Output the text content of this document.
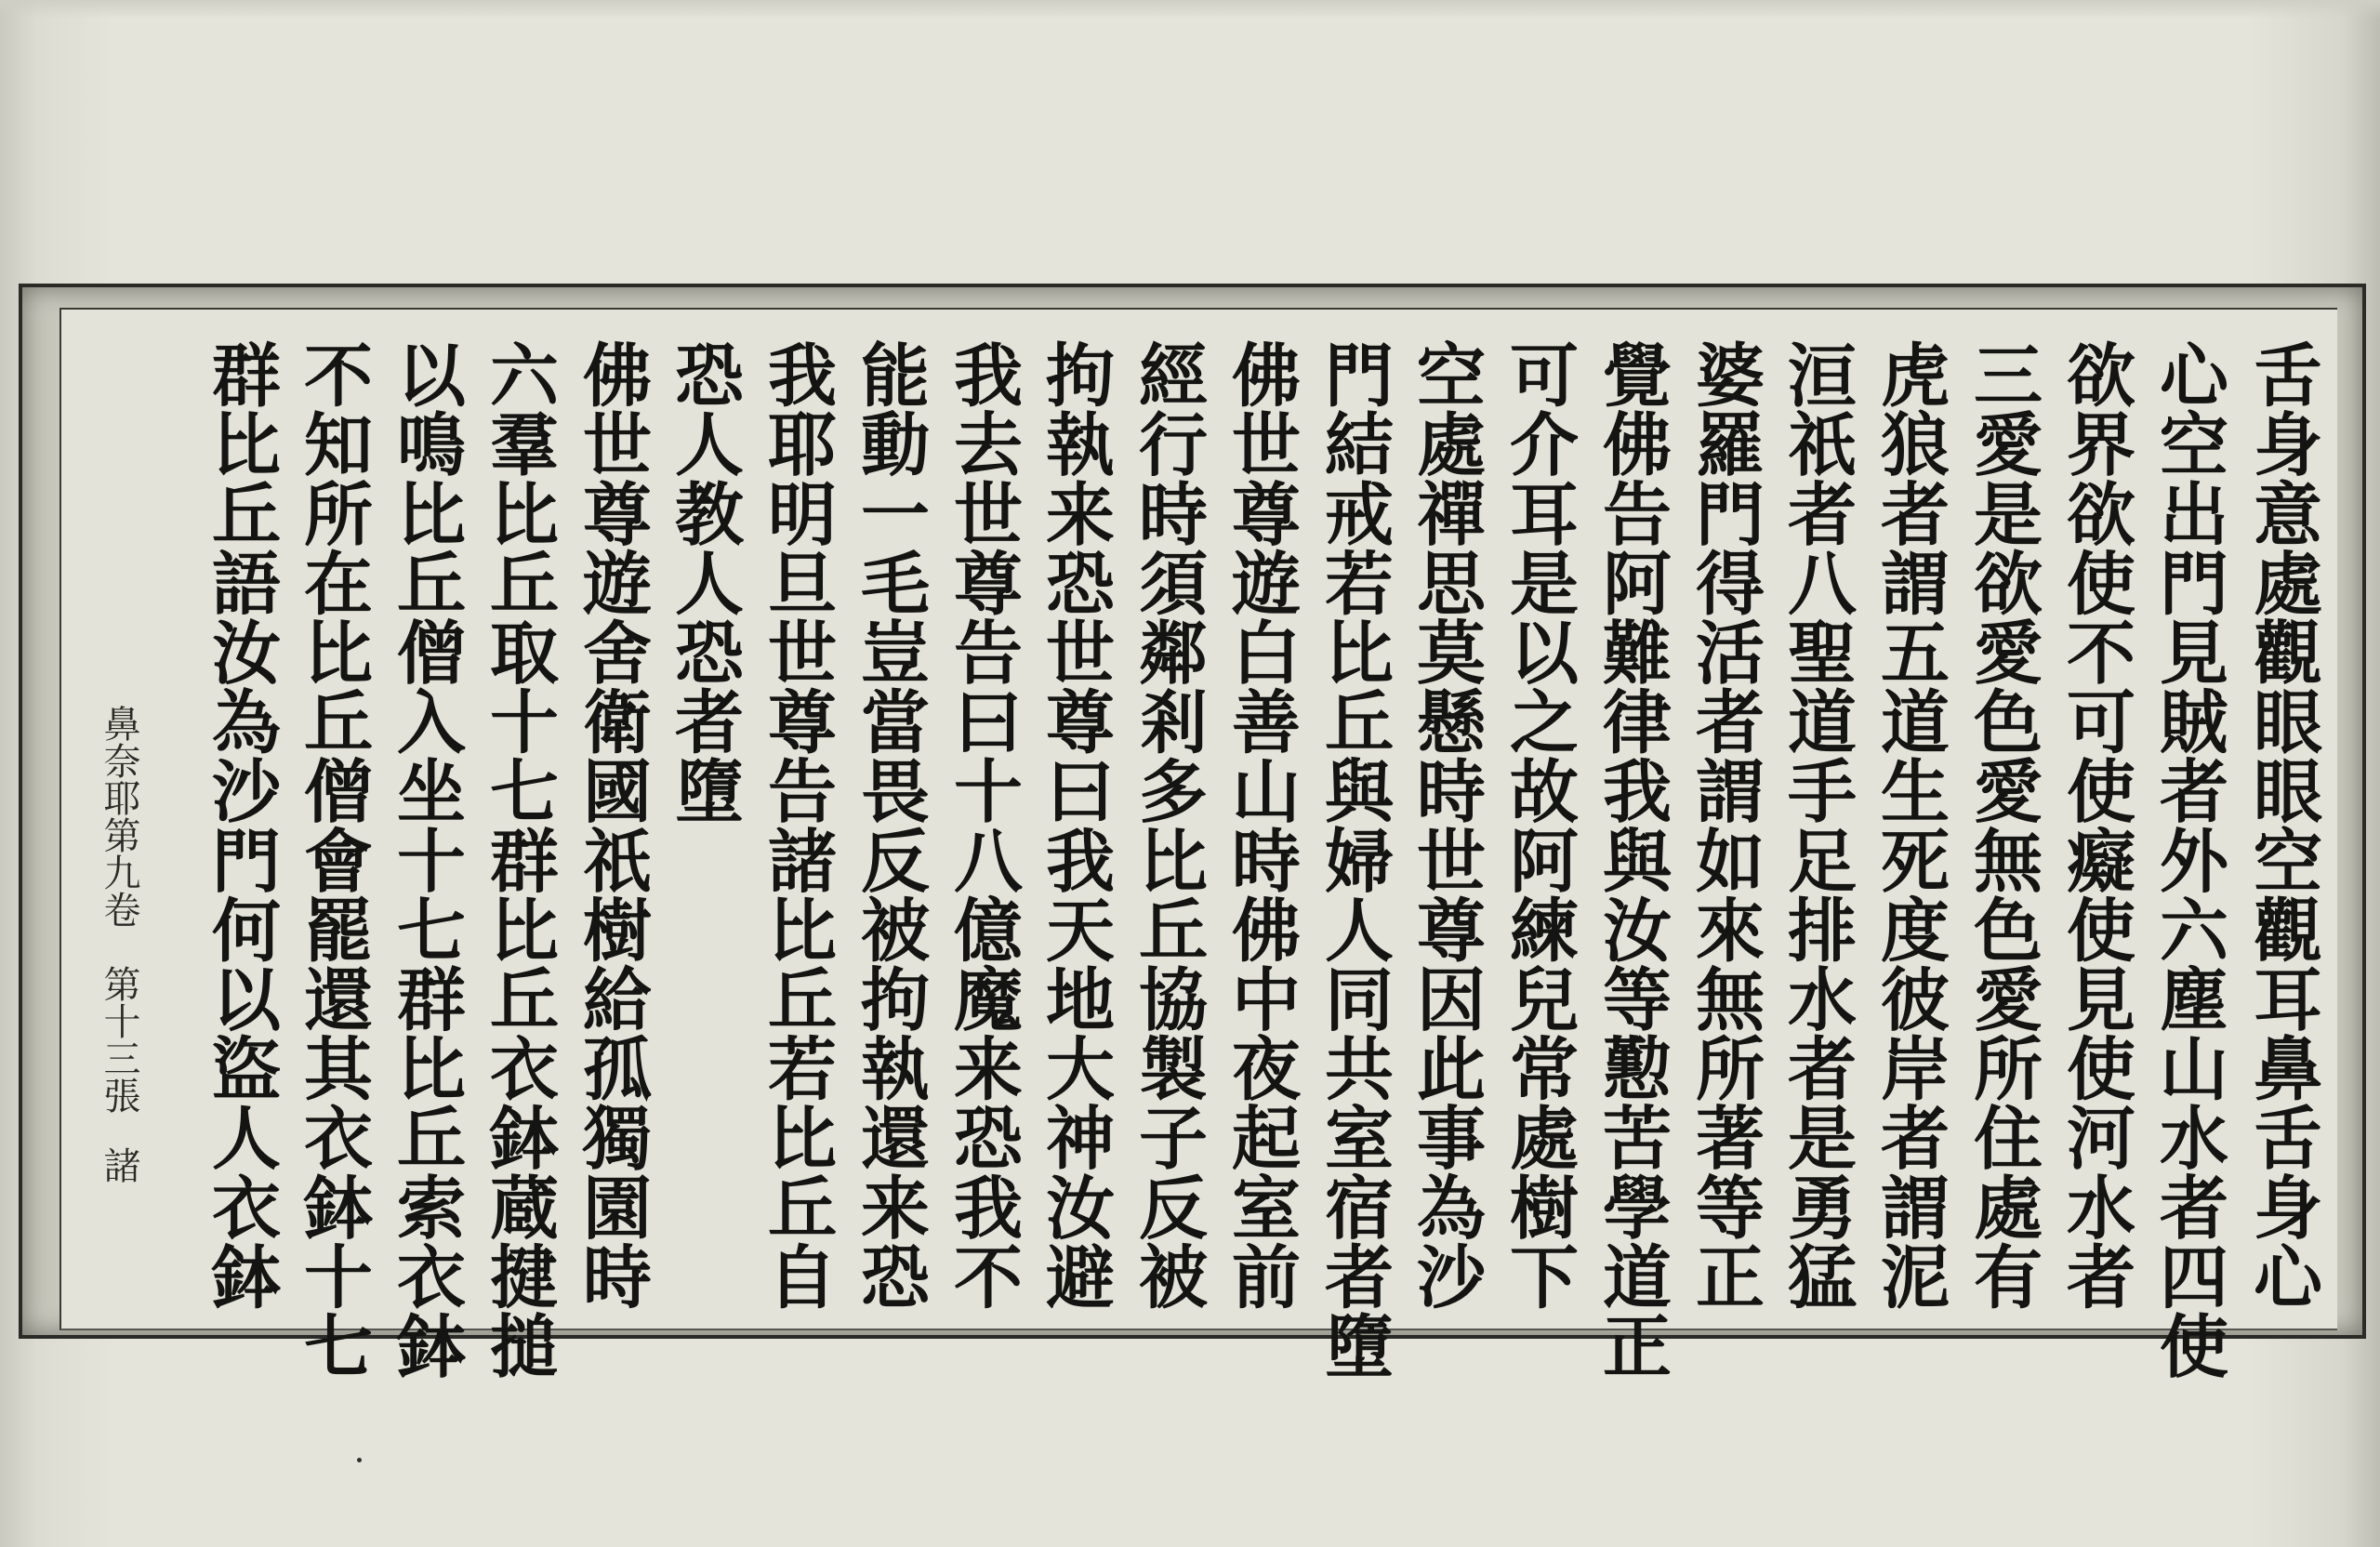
舌身意處觀眼眼空觀耳鼻舌身心
心空出門見賊者外六塵山水者四使
欲界欲使不可使癡使見使河水者
三愛是欲愛色愛無色愛所住處有
虎狼者謂五道生死度彼岸者謂泥
洹祇者八聖道手足排水者是勇猛
婆羅門得活者謂如來無所著等正
覺佛告阿難律我與汝等懃苦學道正
可介耳是以之故阿練兒常處樹下
空處禪思莫懸時世尊因此事為沙
門結戒若比丘與婦人同共室宿者墮
佛世尊遊白善山時佛中夜起室前
經行時須鄰剎多比丘協製子反被
拘執来恐世尊曰我天地大神汝避
我去世尊告曰十八億魔来恐我不
能動一毛豈當畏反被拘執還来恐
我耶明旦世尊告諸比丘若比丘自
恐人教人恐者墮
佛世尊遊舍衛國祇樹給孤獨園時
六羣比丘取十七群比丘衣鉢蔵揵搥
以鳴比丘僧入坐十七群比丘索衣鉢
不知所在比丘僧會罷還其衣鉢十七
群比丘語汝為沙門何以盜人衣鉢
鼻奈耶第九卷
第十三張
諸
